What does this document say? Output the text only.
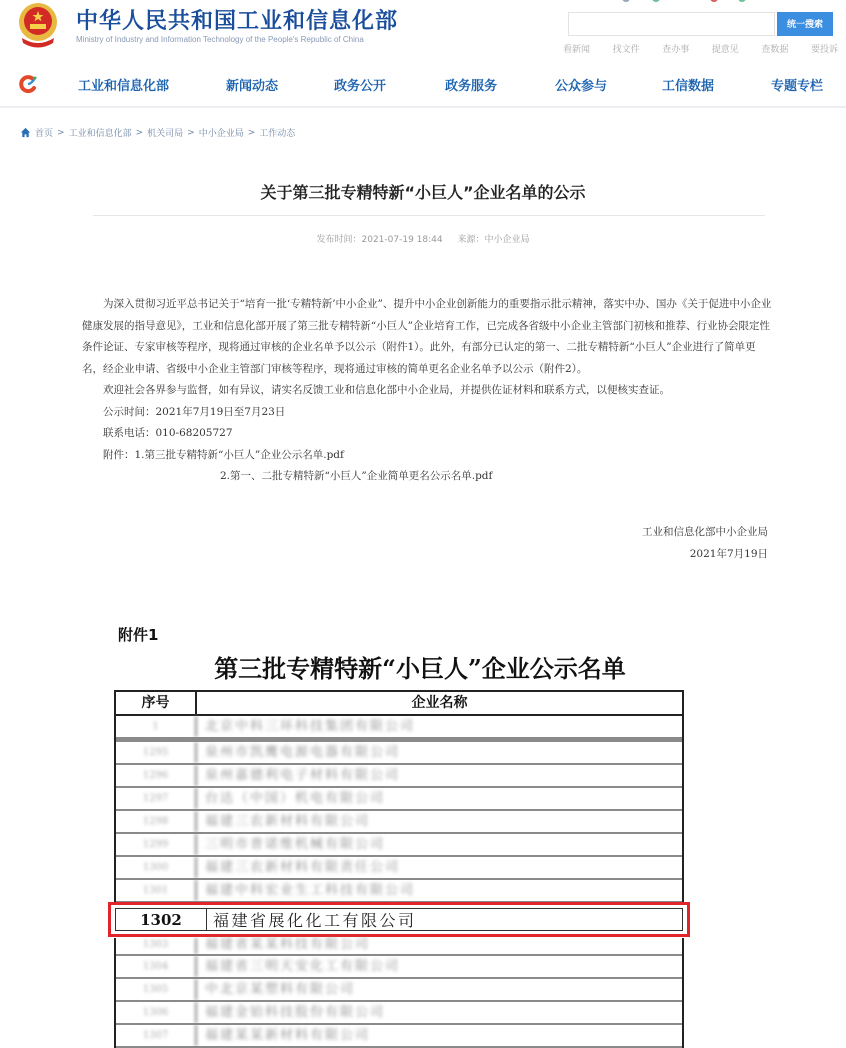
中华人民共和国工业和信息化部
Ministry of Industry and Information Technology of the People's Republic of China
统一搜索
看新闻	找文件	查办事	提意见	查数据	要投诉
工业和信息化部	新闻动态	政务公开	政务服务	公众参与	工信数据	专题专栏
首页 > 工业和信息化部 > 机关司局 > 中小企业局 > 工作动态
关于第三批专精特新“小巨人”企业名单的公示
发布时间：2021-07-19 18:44 来源：中小企业局

为深入贯彻习近平总书记关于“培育一批‘专精特新’中小企业”、提升中小企业创新能力的重要指示批示精神，落实中办、国办《关于促进中小企业健康发展的指导意见》，工业和信息化部开展了第三批专精特新“小巨人”企业培育工作，已完成各省级中小企业主管部门初核和推荐、行业协会限定性条件论证、专家审核等程序，现将通过审核的企业名单予以公示（附件1）。此外，有部分已认定的第一、二批专精特新“小巨人”企业进行了简单更名，经企业申请、省级中小企业主管部门审核等程序，现将通过审核的简单更名企业名单予以公示（附件2）。

欢迎社会各界参与监督，如有异议，请实名反馈工业和信息化部中小企业局，并提供佐证材料和联系方式，以便核实查证。

公示时间：2021年7月19日至7月23日
联系电话：010-68205727
附件：1.第三批专精特新“小巨人”企业公示名单.pdf
2.第一、二批专精特新“小巨人”企业简单更名公示名单.pdf
工业和信息化部中小企业局
2021年7月19日
附件1
第三批专精特新“小巨人”企业公示名单
序号	企业名称
1	北京中科三环科技集团有限公司
1295	泉州市凯鹰电源电器有限公司
1296	泉州嘉德利电子材料有限公司
1297	台达（中国）机电有限公司
1298	福建三农新材料有限公司
1299	三明市普诺维机械有限公司
1300	福建三农新材料有限责任公司
1301	福建中科宏业生工科技有限公司
1302	福建省展化化工有限公司
1303	福建省某某科技有限公司
1304	福建省三明天安化工有限公司
1305	中北京某塑料有限公司
1306	福建金铂科技股份有限公司
1307	福建某某新材料有限公司
